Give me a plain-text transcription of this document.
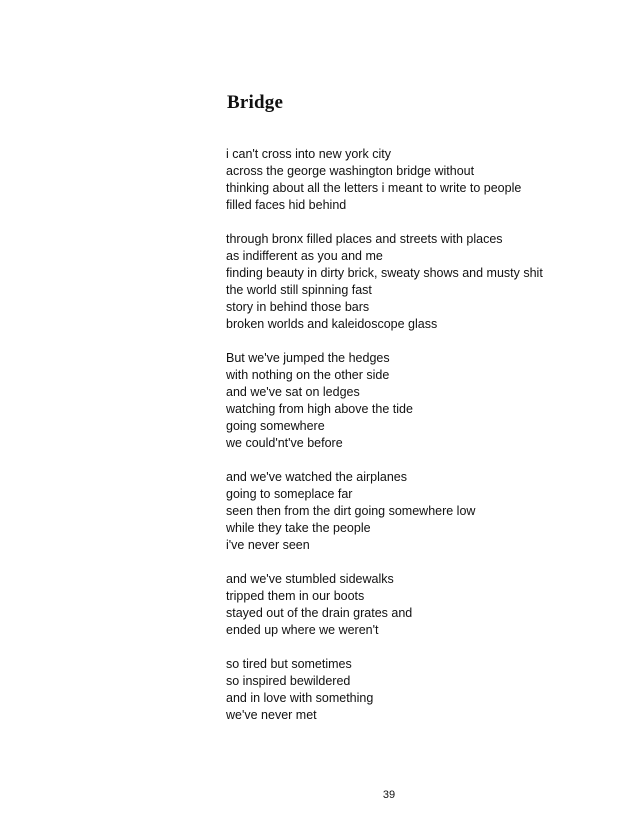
Bridge
i can't cross into new york city
across the george washington bridge without
thinking about all the letters i meant to write to people
filled faces hid behind
through bronx filled places and streets with places
as indifferent as you and me
finding beauty in dirty brick, sweaty shows and musty shit
the world still spinning fast
story in behind those bars
broken worlds and kaleidoscope glass
But we've jumped the hedges
with nothing on the other side
and we've sat on ledges
watching from high above the tide
going somewhere
we could'nt've before
and we've watched the airplanes
going to someplace far
seen then from the dirt going somewhere low
while they take the people
i've never seen
and we've stumbled sidewalks
tripped them in our boots
stayed out of the drain grates and
ended up where we weren't
so tired but sometimes
so inspired bewildered
and in love with something
we've never met
39
